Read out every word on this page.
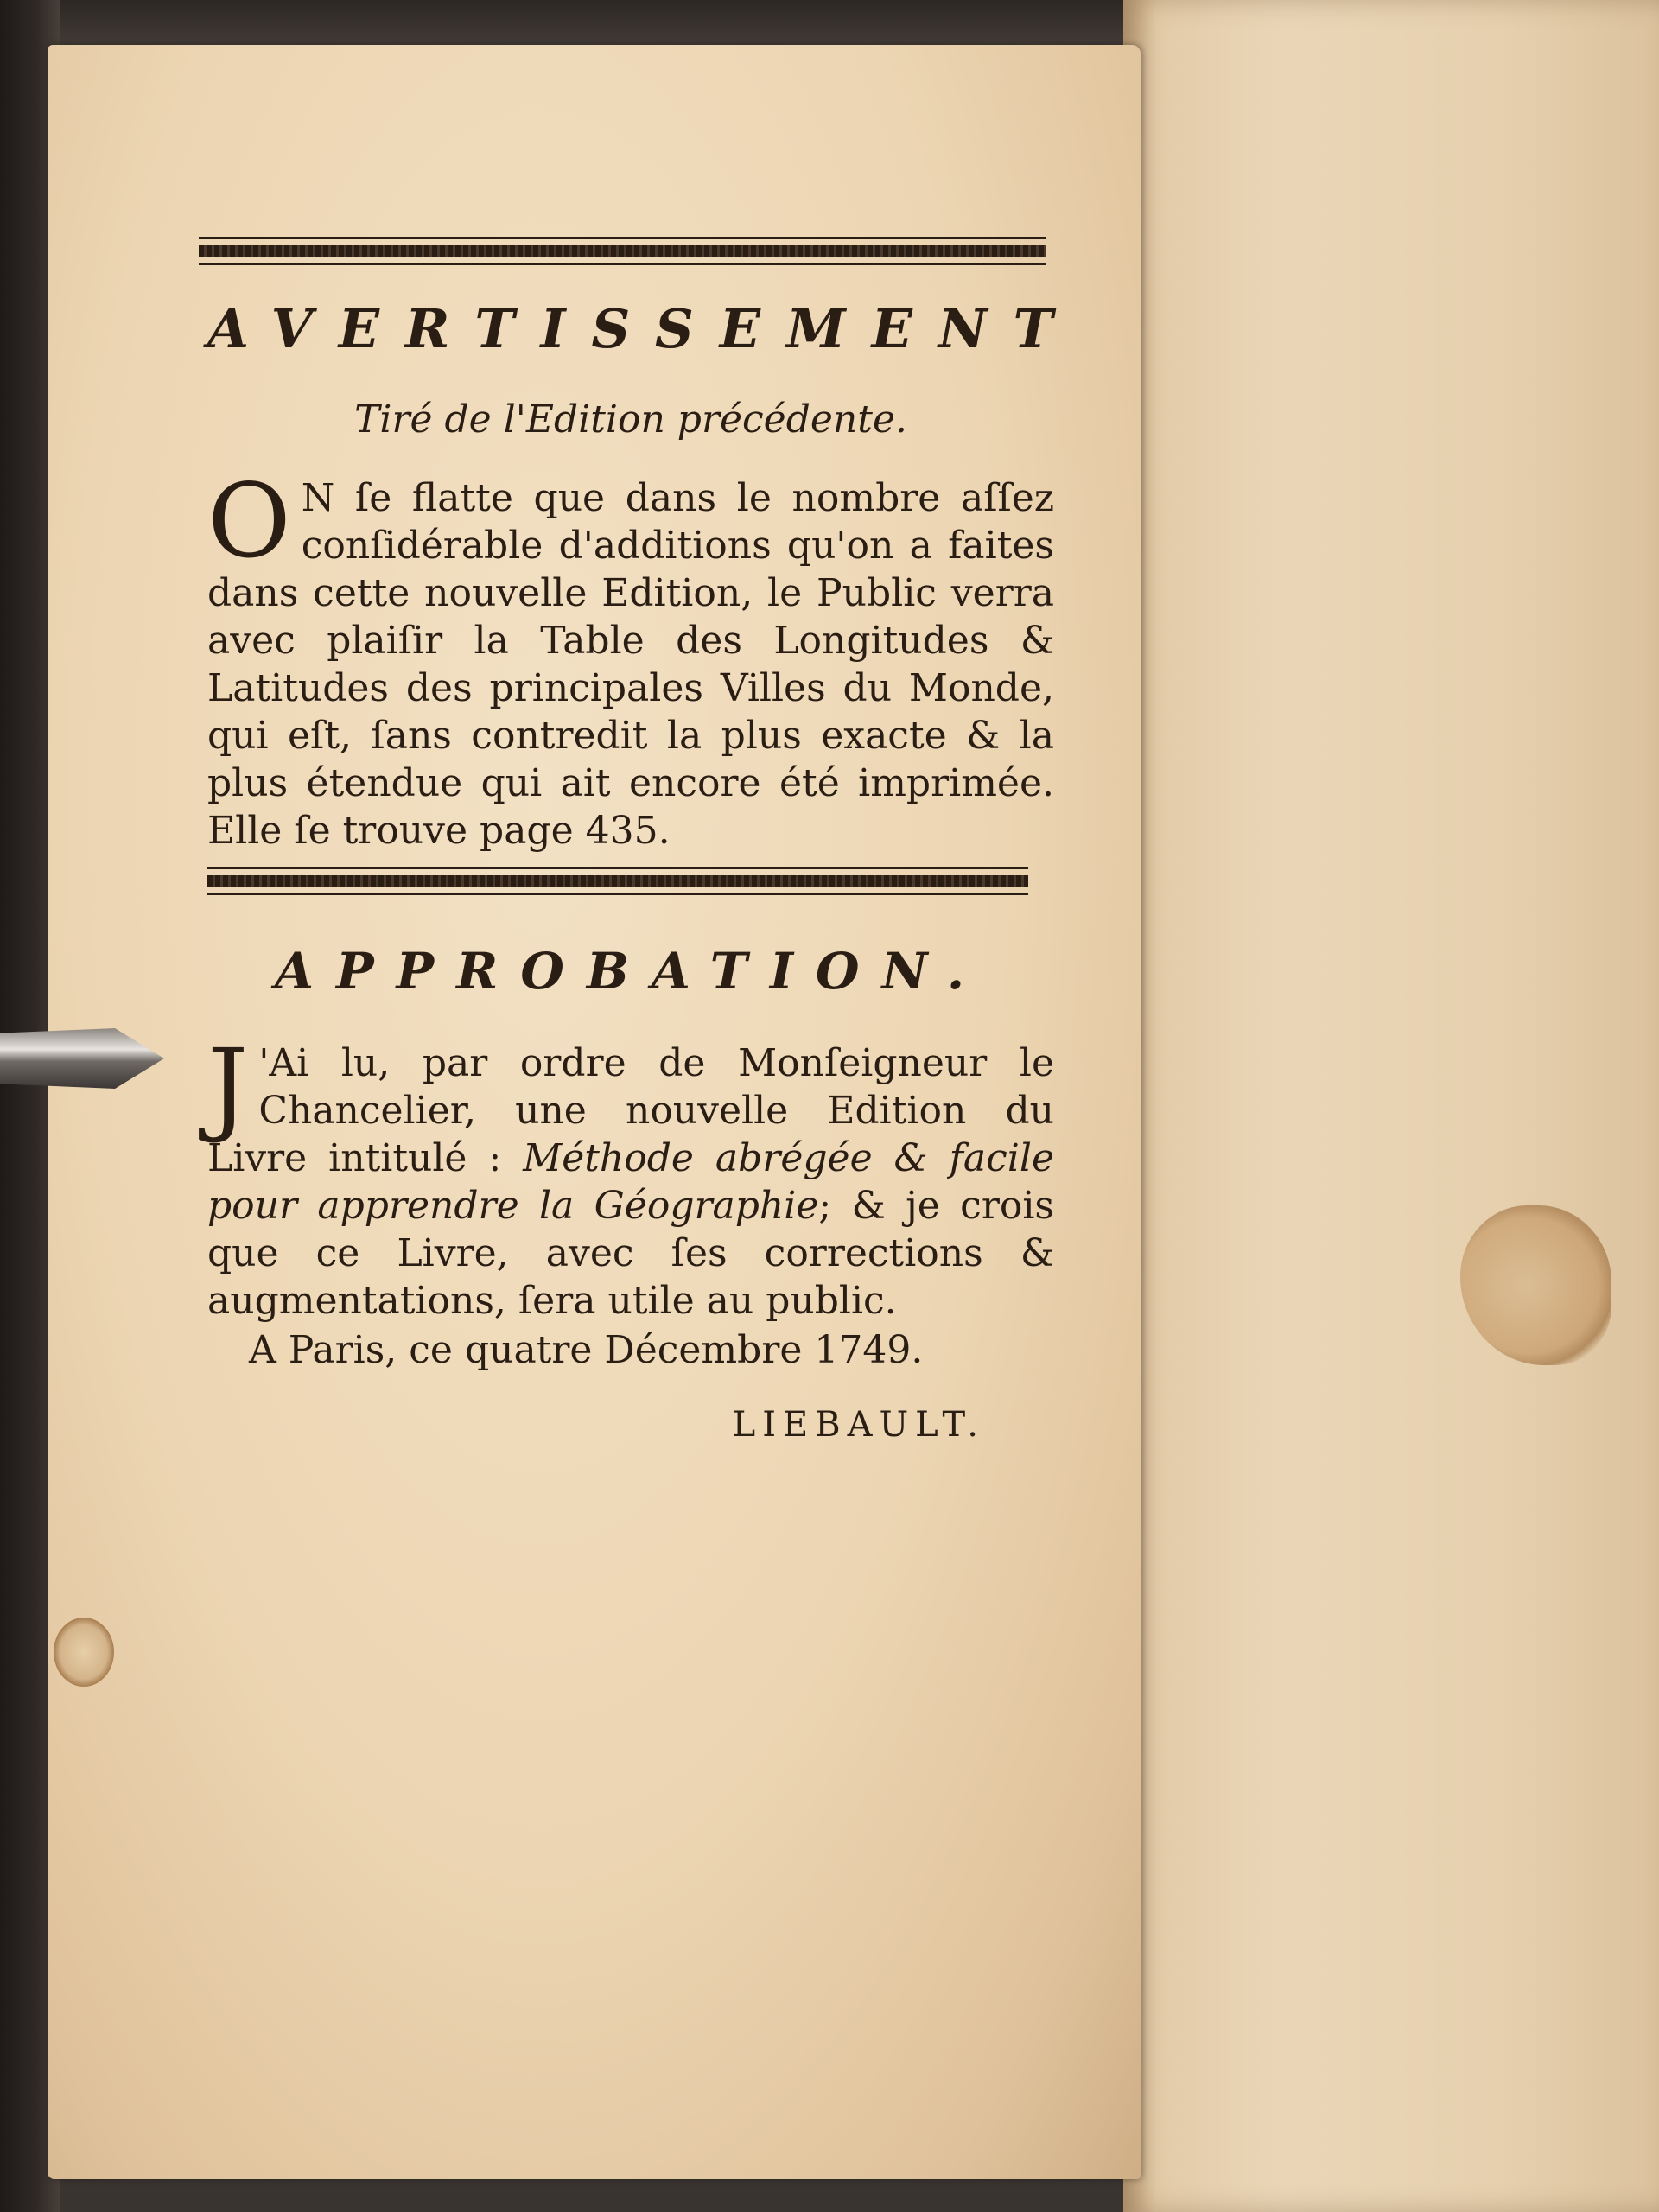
AVERTISSEMENT
Tiré de l'Edition précédente.
O N ſe flatte que dans le nombre aſſez conſidérable d'additions qu'on a faites dans cette nouvelle Edition, le Public verra avec plaiſir la Table des Longitudes & Latitudes des principales Villes du Monde, qui eſt, ſans contredit la plus exacte & la plus étendue qui ait encore été imprimée. Elle ſe trouve page 435.
APPROBATION.
J 'Ai lu, par ordre de Monſeigneur le Chancelier, une nouvelle Edition du Livre intitulé : Méthode abrégée & facile pour apprendre la Géographie; & je crois que ce Livre, avec ſes corrections & augmentations, ſera utile au public.
A Paris, ce quatre Décembre 1749.
LIEBAULT.
